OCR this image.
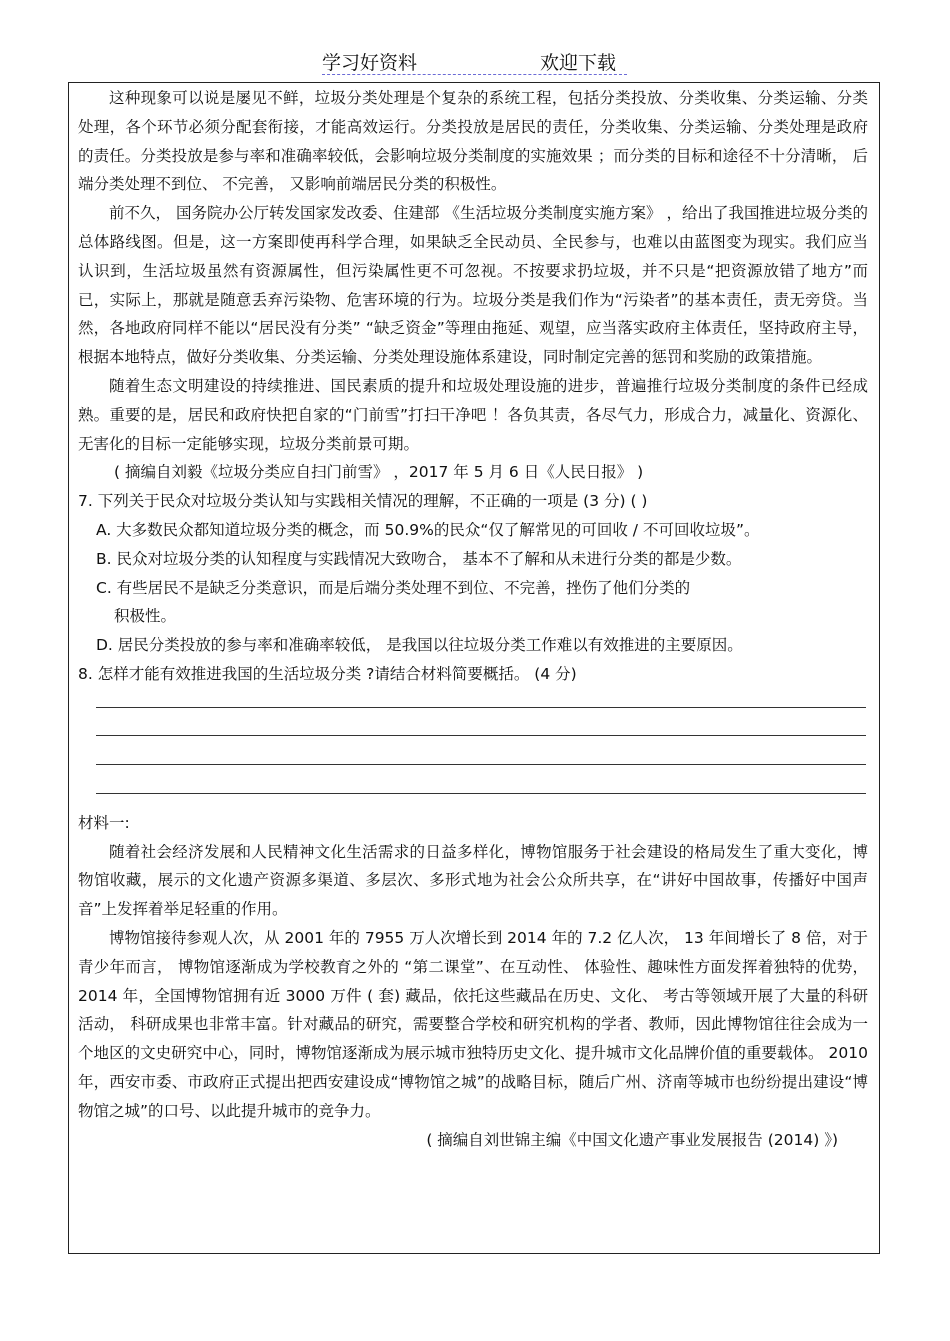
学习好资料	欢迎下载

这种现象可以说是屡见不鲜，垃圾分类处理是个复杂的系统工程，包括分类投放、分类收集、分类运输、分类处理，各个环节必须分配套衔接，才能高效运行。分类投放是居民的责任，分类收集、分类运输、分类处理是政府的责任。分类投放是参与率和准确率较低，会影响垃圾分类制度的实施效果 ；而分类的目标和途径不十分清晰， 后端分类处理不到位、 不完善， 又影响前端居民分类的积极性。

前不久， 国务院办公厅转发国家发改委、住建部 《生活垃圾分类制度实施方案》 ，给出了我国推进垃圾分类的总体路线图。但是，这一方案即使再科学合理，如果缺乏全民动员、全民参与，也难以由蓝图变为现实。我们应当认识到，生活垃圾虽然有资源属性，但污染属性更不可忽视。不按要求扔垃圾，并不只是“把资源放错了地方”而已，实际上，那就是随意丢弃污染物、危害环境的行为。垃圾分类是我们作为“污染者”的基本责任，责无旁贷。当然，各地政府同样不能以“居民没有分类” “缺乏资金”等理由拖延、观望，应当落实政府主体责任，坚持政府主导，根据本地特点，做好分类收集、分类运输、分类处理设施体系建设，同时制定完善的惩罚和奖励的政策措施。

随着生态文明建设的持续推进、国民素质的提升和垃圾处理设施的进步，普遍推行垃圾分类制度的条件已经成熟。重要的是，居民和政府快把自家的“门前雪”打扫干净吧 ！各负其责，各尽气力，形成合力，减量化、资源化、无害化的目标一定能够实现，垃圾分类前景可期。

( 摘编自刘毅《垃圾分类应自扫门前雪》 ，2017 年 5 月 6 日《人民日报》 )

7. 下列关于民众对垃圾分类认知与实践相关情况的理解，不正确的一项是 (3 分) ( )

A. 大多数民众都知道垃圾分类的概念，而 50.9%的民众“仅了解常见的可回收 / 不可回收垃圾”。

B. 民众对垃圾分类的认知程度与实践情况大致吻合， 基本不了解和从未进行分类的都是少数。

C. 有些居民不是缺乏分类意识，而是后端分类处理不到位、不完善，挫伤了他们分类的

积极性。

D. 居民分类投放的参与率和准确率较低， 是我国以往垃圾分类工作难以有效推进的主要原因。

8. 怎样才能有效推进我国的生活垃圾分类 ?请结合材料简要概括。 (4 分)

材料一:

随着社会经济发展和人民精神文化生活需求的日益多样化，博物馆服务于社会建设的格局发生了重大变化，博物馆收藏，展示的文化遗产资源多渠道、多层次、多形式地为社会公众所共享，在“讲好中国故事，传播好中国声音”上发挥着举足轻重的作用。

博物馆接待参观人次，从 2001 年的 7955 万人次增长到 2014 年的 7.2 亿人次， 13 年间增长了 8 倍，对于青少年而言， 博物馆逐渐成为学校教育之外的 “第二课堂”、在互动性、 体验性、趣味性方面发挥着独特的优势， 2014 年，全国博物馆拥有近 3000 万件 ( 套) 藏品，依托这些藏品在历史、文化、 考古等领域开展了大量的科研活动， 科研成果也非常丰富。针对藏品的研究，需要整合学校和研究机构的学者、教师，因此博物馆往往会成为一个地区的文史研究中心，同时，博物馆逐渐成为展示城市独特历史文化、提升城市文化品牌价值的重要载体。 2010 年，西安市委、市政府正式提出把西安建设成“博物馆之城”的战略目标，随后广州、济南等城市也纷纷提出建设“博物馆之城”的口号、以此提升城市的竞争力。

( 摘编自刘世锦主编《中国文化遗产事业发展报告 (2014) 》)
